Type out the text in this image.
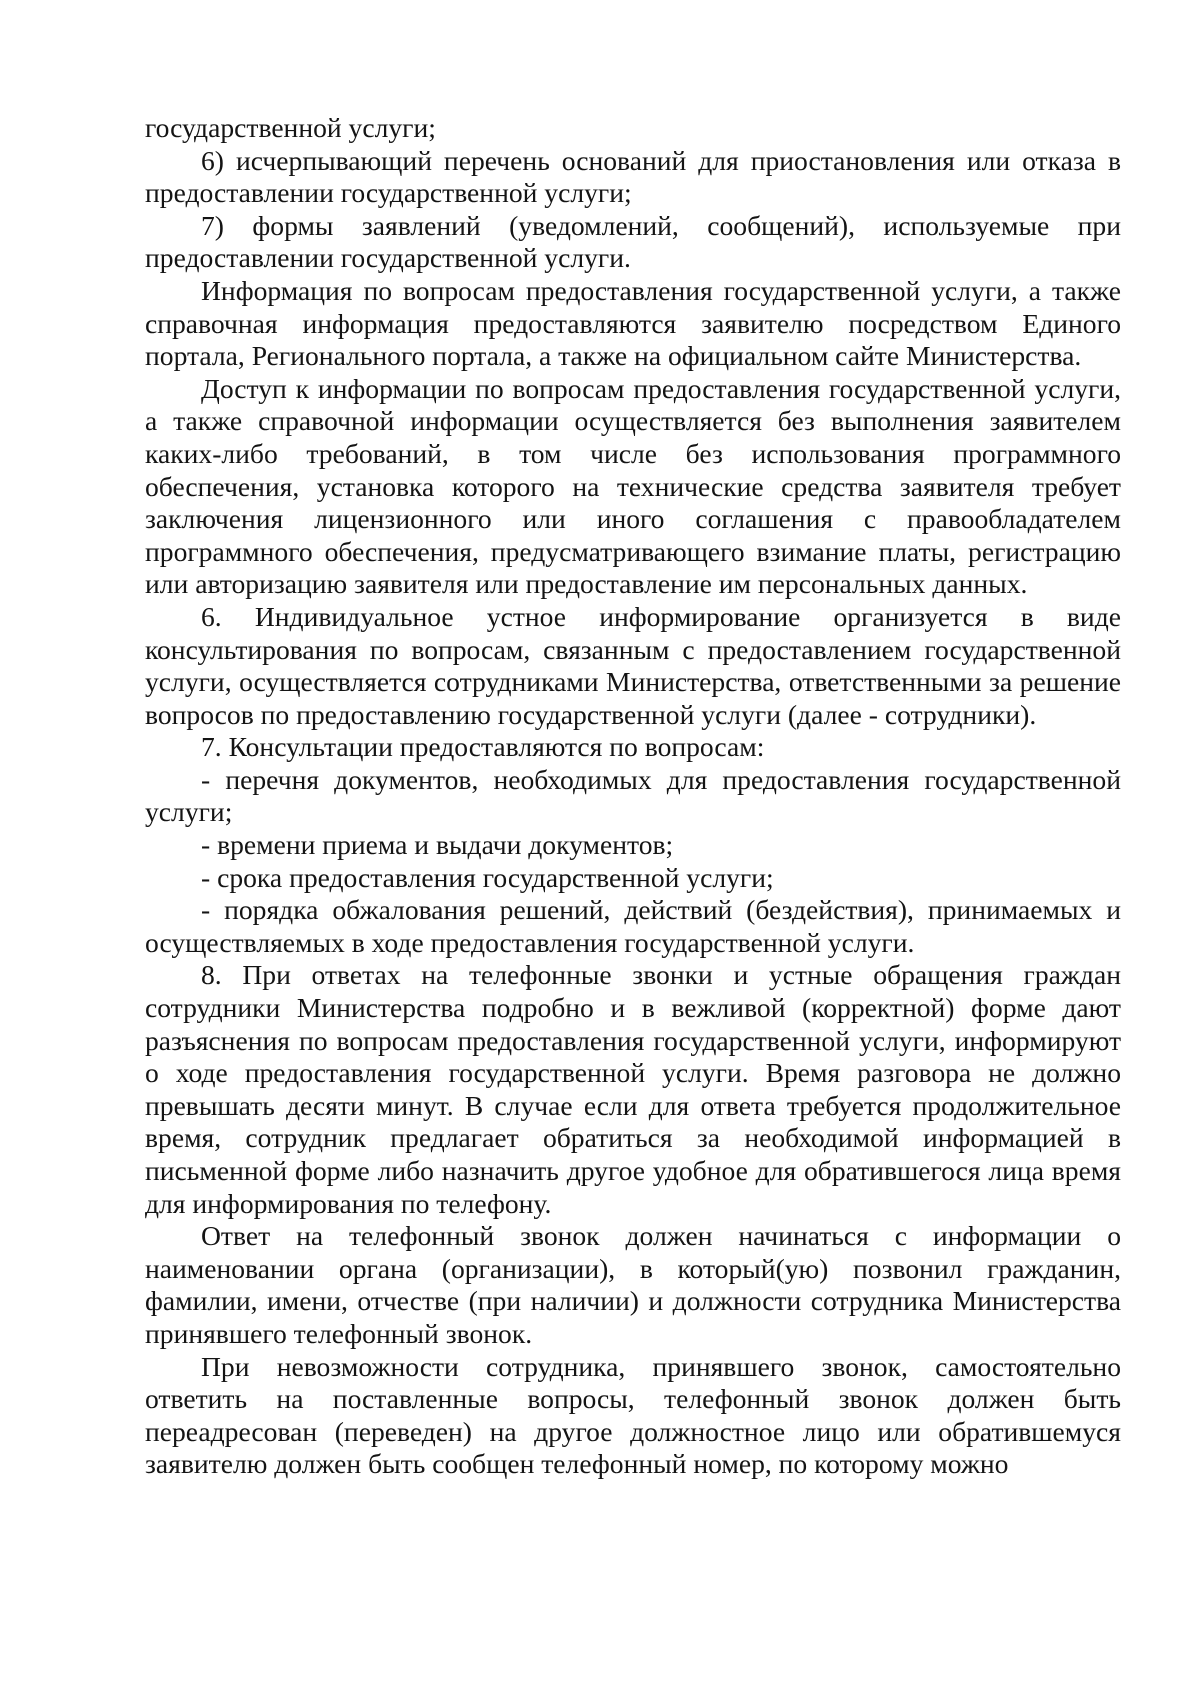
государственной услуги;

6) исчерпывающий перечень оснований для приостановления или отказа в предоставлении государственной услуги;

7) формы заявлений (уведомлений, сообщений), используемые при предоставлении государственной услуги.

Информация по вопросам предоставления государственной услуги, а также справочная информация предоставляются заявителю посредством Единого портала, Регионального портала, а также на официальном сайте Министерства.

Доступ к информации по вопросам предоставления государственной услуги, а также справочной информации осуществляется без выполнения заявителем каких-либо требований, в том числе без использования программного обеспечения, установка которого на технические средства заявителя требует заключения лицензионного или иного соглашения с правообладателем программного обеспечения, предусматривающего взимание платы, регистрацию или авторизацию заявителя или предоставление им персональных данных.

6. Индивидуальное устное информирование организуется в виде консультирования по вопросам, связанным с предоставлением государственной услуги, осуществляется сотрудниками Министерства, ответственными за решение вопросов по предоставлению государственной услуги (далее - сотрудники).

7. Консультации предоставляются по вопросам:

- перечня документов, необходимых для предоставления государственной услуги;

- времени приема и выдачи документов;

- срока предоставления государственной услуги;

- порядка обжалования решений, действий (бездействия), принимаемых и осуществляемых в ходе предоставления государственной услуги.

8. При ответах на телефонные звонки и устные обращения граждан сотрудники Министерства подробно и в вежливой (корректной) форме дают разъяснения по вопросам предоставления государственной услуги, информируют о ходе предоставления государственной услуги. Время разговора не должно превышать десяти минут. В случае если для ответа требуется продолжительное время, сотрудник предлагает обратиться за необходимой информацией в письменной форме либо назначить другое удобное для обратившегося лица время для информирования по телефону.

Ответ на телефонный звонок должен начинаться с информации о наименовании органа (организации), в который(ую) позвонил гражданин, фамилии, имени, отчестве (при наличии) и должности сотрудника Министерства принявшего телефонный звонок.

При невозможности сотрудника, принявшего звонок, самостоятельно ответить на поставленные вопросы, телефонный звонок должен быть переадресован (переведен) на другое должностное лицо или обратившемуся заявителю должен быть сообщен телефонный номер, по которому можно
